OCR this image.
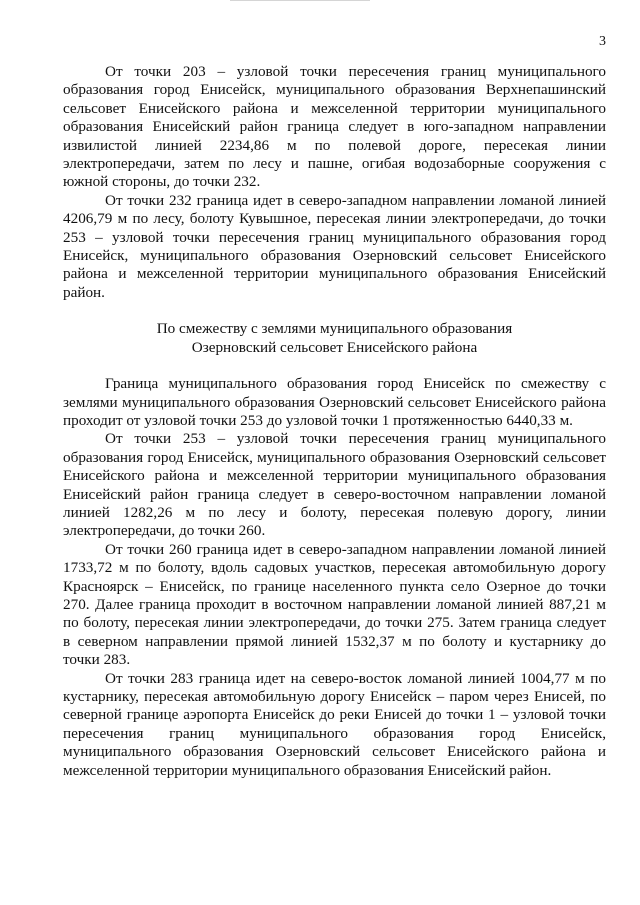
3

От точки 203 – узловой точки пересечения границ муниципального образования город Енисейск, муниципального образования Верхнепашинский сельсовет Енисейского района и межселенной территории муниципального образования Енисейский район граница следует в юго-западном направлении извилистой линией 2234,86 м по полевой дороге, пересекая линии электропередачи, затем по лесу и пашне, огибая водозаборные сооружения с южной стороны, до точки 232.

От точки 232 граница идет в северо-западном направлении ломаной линией 4206,79 м по лесу, болоту Кувышное, пересекая линии электропередачи, до точки 253 – узловой точки пересечения границ муниципального образования город Енисейск, муниципального образования Озерновский сельсовет Енисейского района и межселенной территории муниципального образования Енисейский район.

По смежеству с землями муниципального образования
Озерновский сельсовет Енисейского района

Граница муниципального образования город Енисейск по смежеству с землями муниципального образования Озерновский сельсовет Енисейского района проходит от узловой точки 253 до узловой точки 1 протяженностью 6440,33 м.

От точки 253 – узловой точки пересечения границ муниципального образования город Енисейск, муниципального образования Озерновский сельсовет Енисейского района и межселенной территории муниципального образования Енисейский район граница следует в северо-восточном направлении ломаной линией 1282,26 м по лесу и болоту, пересекая полевую дорогу, линии электропередачи, до точки 260.

От точки 260 граница идет в северо-западном направлении ломаной линией 1733,72 м по болоту, вдоль садовых участков, пересекая автомобильную дорогу Красноярск – Енисейск, по границе населенного пункта село Озерное до точки 270. Далее граница проходит в восточном направлении ломаной линией 887,21 м по болоту, пересекая линии электропередачи, до точки 275. Затем граница следует в северном направлении прямой линией 1532,37 м по болоту и кустарнику до точки 283.

От точки 283 граница идет на северо-восток ломаной линией 1004,77 м по кустарнику, пересекая автомобильную дорогу Енисейск – паром через Енисей, по северной границе аэропорта Енисейск до реки Енисей до точки 1 – узловой точки пересечения границ муниципального образования город Енисейск, муниципального образования Озерновский сельсовет Енисейского района и межселенной территории муниципального образования Енисейский район.
